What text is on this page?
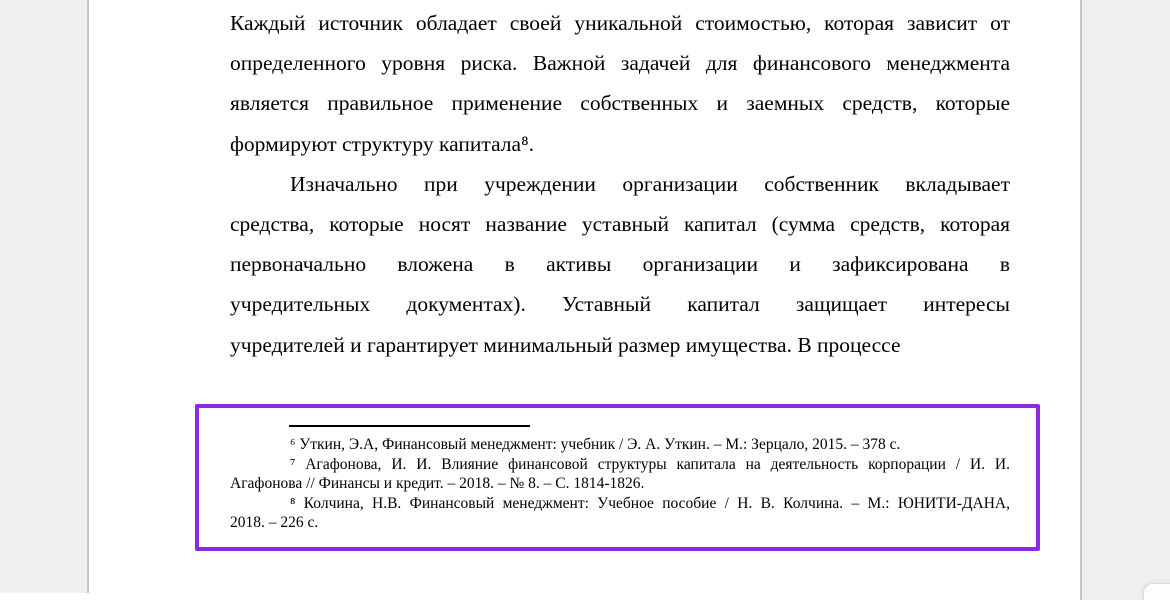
Каждый источник обладает своей уникальной стоимостью, которая зависит от
определенного уровня риска. Важной задачей для финансового менеджмента
является правильное применение собственных и заемных средств, которые
формируют структуру капитала⁸.
Изначально при учреждении организации собственник вкладывает
средства, которые носят название уставный капитал (сумма средств, которая
первоначально вложена в активы организации и зафиксирована в
учредительных документах). Уставный капитал защищает интересы
учредителей и гарантирует минимальный размер имущества. В процессе
⁶ Уткин, Э.А, Финансовый менеджмент: учебник / Э. А. Уткин. – М.: Зерцало, 2015. – 378 с.
⁷ Агафонова, И. И. Влияние финансовой структуры капитала на деятельность корпорации / И. И.
Агафонова // Финансы и кредит. – 2018. – № 8. – С. 1814-1826.
⁸ Колчина, Н.В. Финансовый менеджмент: Учебное пособие / Н. В. Колчина. – М.: ЮНИТИ-ДАНА,
2018. – 226 с.
